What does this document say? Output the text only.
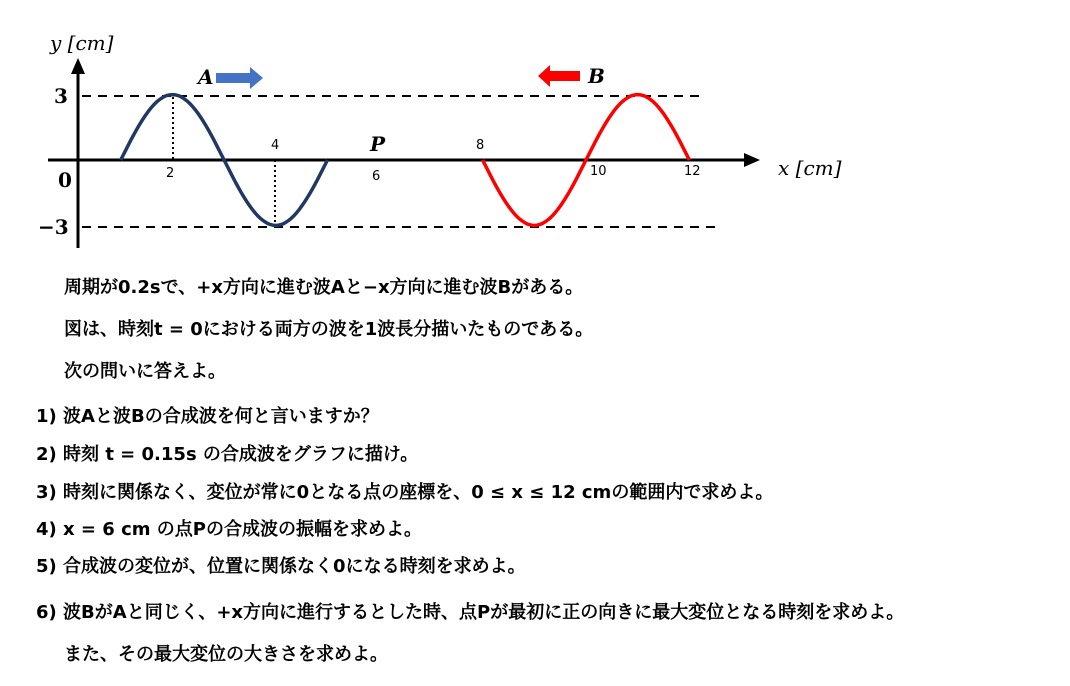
y [cm]
x [cm]
3
0
−3
2
4
6
8
10	12
P
A	B
周期が0.2sで、+x方向に進む波Aと−x方向に進む波Bがある。
図は、時刻t = 0における両方の波を1波長分描いたものである。
次の問いに答えよ。
1) 波Aと波Bの合成波を何と言いますか？
2) 時刻 t = 0.15s の合成波をグラフに描け。
3) 時刻に関係なく、変位が常に0となる点の座標を、0 ≤ x ≤ 12 cmの範囲内で求めよ。
4) x = 6 cm の点Pの合成波の振幅を求めよ。
5) 合成波の変位が、位置に関係なく0になる時刻を求めよ。
6) 波BがAと同じく、+x方向に進行するとした時、点Pが最初に正の向きに最大変位となる時刻を求めよ。
また、その最大変位の大きさを求めよ。
